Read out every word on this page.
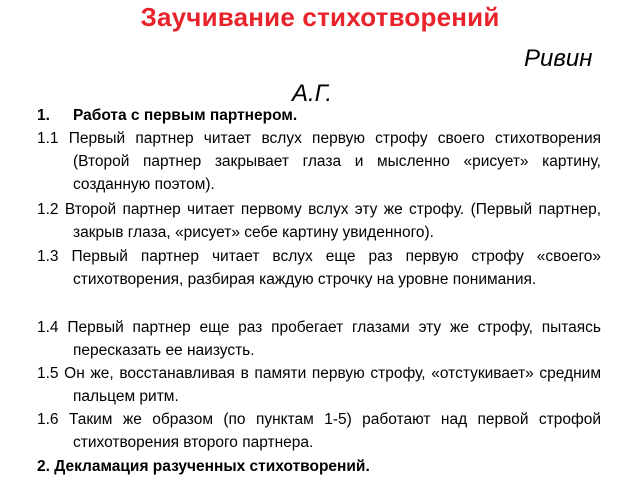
Заучивание стихотворений
Ривин
А.Г.
1. Работа с первым партнером.
1.1 Первый партнер читает вслух первую строфу своего стихотворения (Второй партнер закрывает глаза и мысленно «рисует» картину, созданную поэтом).
1.2 Второй партнер читает первому вслух эту же строфу. (Первый партнер, закрыв глаза, «рисует» себе картину увиденного).
1.3 Первый партнер читает вслух еще раз первую строфу «своего» стихотворения, разбирая каждую строчку на уровне понимания.
1.4 Первый партнер еще раз пробегает глазами эту же строфу, пытаясь пересказать ее наизусть.
1.5 Он же, восстанавливая в памяти первую строфу, «отстукивает» средним пальцем ритм.
1.6 Таким же образом (по пунктам 1-5) работают над первой строфой стихотворения второго партнера.
2. Декламация разученных стихотворений.
